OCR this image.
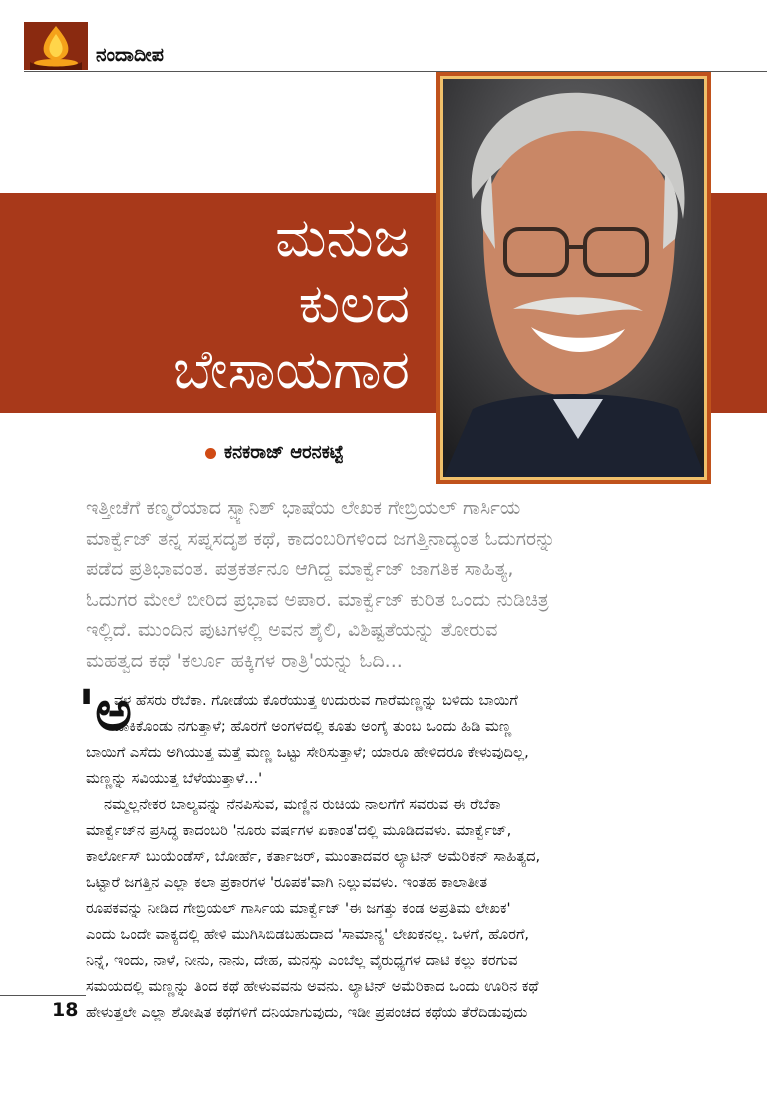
ನಂದಾದೀಪ
ಮನುಜ
ಕುಲದ
ಬೇಸಾಯಗಾರ
ಕನಕರಾಜ್ ಆರನಕಟ್ಟೆ
ಇತ್ತೀಚೆಗೆ ಕಣ್ಮರೆಯಾದ ಸ್ಪ್ಯಾನಿಶ್ ಭಾಷೆಯ ಲೇಖಕ ಗೇಬ್ರಿಯಲ್ ಗಾರ್ಸಿಯ
ಮಾರ್ಕ್ವೆಜ್ ತನ್ನ ಸಪ್ನಸದೃಶ ಕಥೆ, ಕಾದಂಬರಿಗಳಿಂದ ಜಗತ್ತಿನಾದ್ಯಂತ ಓದುಗರನ್ನು
ಪಡೆದ ಪ್ರತಿಭಾವಂತ. ಪತ್ರಕರ್ತನೂ ಆಗಿದ್ದ ಮಾರ್ಕ್ವೆಜ್ ಜಾಗತಿಕ ಸಾಹಿತ್ಯ,
ಓದುಗರ ಮೇಲೆ ಬೀರಿದ ಪ್ರಭಾವ ಅಪಾರ. ಮಾರ್ಕ್ವೆಜ್ ಕುರಿತ ಒಂದು ನುಡಿಚಿತ್ರ
ಇಲ್ಲಿದೆ. ಮುಂದಿನ ಪುಟಗಳಲ್ಲಿ ಅವನ ಶೈಲಿ, ವಿಶಿಷ್ಟತೆಯನ್ನು ತೋರುವ
ಮಹತ್ವದ ಕಥೆ 'ಕರ್ಲೂ ಹಕ್ಕಿಗಳ ರಾತ್ರಿ'ಯನ್ನು ಓದಿ...
'ಅ
ವಳ ಹೆಸರು ರೆಬೆಕಾ. ಗೋಡೆಯ ಕೊರೆಯುತ್ತ ಉದುರುವ ಗಾರೆಮಣ್ಣನ್ನು ಬಳಿದು ಬಾಯಿಗೆ
ಹಾಕಿಕೊಂಡು ನಗುತ್ತಾಳೆ; ಹೊರಗೆ ಅಂಗಳದಲ್ಲಿ ಕೂತು ಅಂಗೈ ತುಂಬ ಒಂದು ಹಿಡಿ ಮಣ್ಣ
ಬಾಯಿಗೆ ಎಸೆದು ಅಗಿಯುತ್ತ ಮತ್ತೆ ಮಣ್ಣ ಒಟ್ಟು ಸೇರಿಸುತ್ತಾಳೆ; ಯಾರೂ ಹೇಳಿದರೂ ಕೇಳುವುದಿಲ್ಲ,
ಮಣ್ಣನ್ನು ಸವಿಯುತ್ತ ಬೆಳೆಯುತ್ತಾಳೆ...'
ನಮ್ಮಲ್ಲನೇಕರ ಬಾಲ್ಯವನ್ನು ನೆನಪಿಸುವ, ಮಣ್ಣಿನ ರುಚಿಯ ನಾಲಗೆಗೆ ಸವರುವ ಈ ರೆಬೆಕಾ
ಮಾರ್ಕ್ವೆಜ್‌ನ ಪ್ರಸಿದ್ಧ ಕಾದಂಬರಿ 'ನೂರು ವರ್ಷಗಳ ಏಕಾಂತ'ದಲ್ಲಿ ಮೂಡಿದವಳು. ಮಾರ್ಕ್ವೆಜ್,
ಕಾರ್ಲೋಸ್ ಬುಯೆಂಡೆಸ್, ಬೋರ್ಹೆ, ಕರ್ತಾಜರ್, ಮುಂತಾದವರ ಲ್ಯಾಟಿನ್ ಅಮೆರಿಕನ್ ಸಾಹಿತ್ಯದ,
ಒಟ್ಟಾರೆ ಜಗತ್ತಿನ ಎಲ್ಲಾ ಕಲಾ ಪ್ರಕಾರಗಳ 'ರೂಪಕ'ವಾಗಿ ನಿಲ್ಲುವವಳು. ಇಂತಹ ಕಾಲಾತೀತ
ರೂಪಕವನ್ನು ನೀಡಿದ ಗೇಬ್ರಿಯಲ್ ಗಾರ್ಸಿಯ ಮಾರ್ಕ್ವೆಜ್ 'ಈ ಜಗತ್ತು ಕಂಡ ಅಪ್ರತಿಮ ಲೇಖಕ'
ಎಂದು ಒಂದೇ ವಾಕ್ಯದಲ್ಲಿ ಹೇಳಿ ಮುಗಿಸಿಬಿಡಬಹುದಾದ 'ಸಾಮಾನ್ಯ' ಲೇಖಕನಲ್ಲ. ಒಳಗೆ, ಹೊರಗೆ,
ನಿನ್ನೆ, ಇಂದು, ನಾಳೆ, ನೀನು, ನಾನು, ದೇಹ, ಮನಸ್ಸು ಎಂಬೆಲ್ಲ ವೈರುಧ್ಯಗಳ ದಾಟಿ ಕಲ್ಲು ಕರಗುವ
ಸಮಯದಲ್ಲಿ ಮಣ್ಣನ್ನು ತಿಂದ ಕಥೆ ಹೇಳುವವನು ಅವನು. ಲ್ಯಾಟಿನ್ ಅಮೆರಿಕಾದ ಒಂದು ಊರಿನ ಕಥೆ
ಹೇಳುತ್ತಲೇ ಎಲ್ಲಾ ಶೋಷಿತ ಕಥೆಗಳಿಗೆ ದನಿಯಾಗುವುದು, ಇಡೀ ಪ್ರಪಂಚದ ಕಥೆಯ ತೆರೆದಿಡುವುದು
18
